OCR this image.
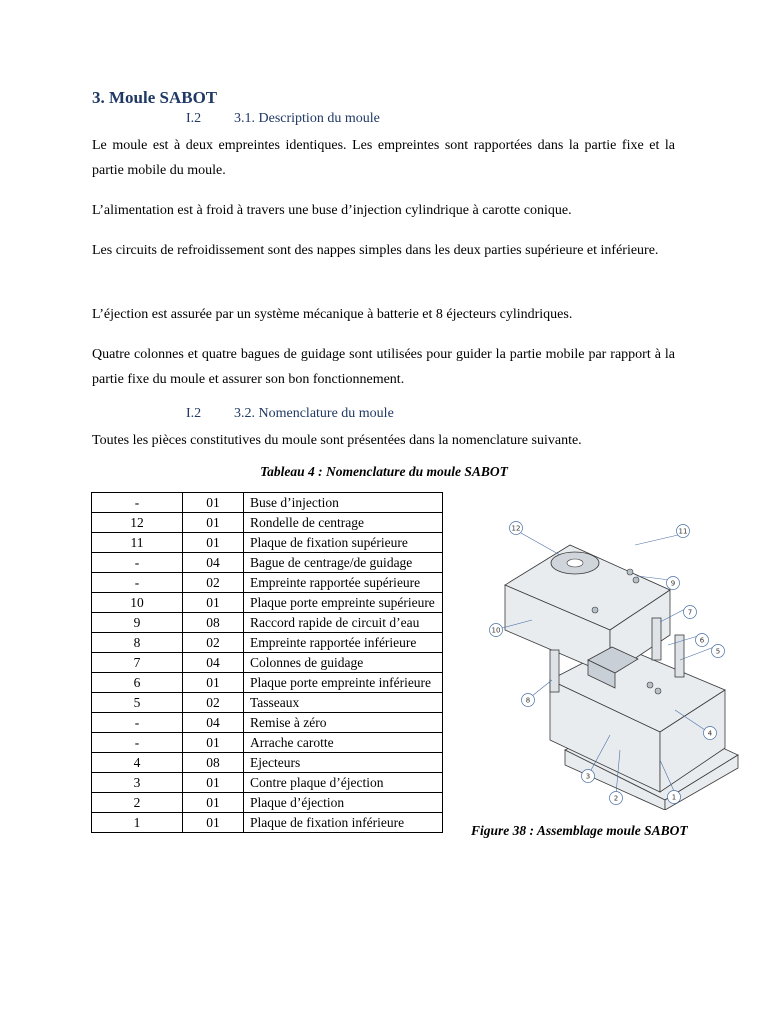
3. Moule SABOT
I.2 3.1. Description du moule
Le moule est à deux empreintes identiques. Les empreintes sont rapportées dans la partie fixe et la partie mobile du moule.
L’alimentation est à froid à travers une buse d’injection cylindrique à carotte conique.
Les circuits de refroidissement sont des nappes simples dans les deux parties supérieure et inférieure.
L’éjection est assurée par un système mécanique à batterie et 8 éjecteurs cylindriques.
Quatre colonnes et quatre bagues de guidage sont utilisées pour guider la partie mobile par rapport à la partie fixe du moule et assurer son bon fonctionnement.
I.2 3.2. Nomenclature du moule
Toutes les pièces constitutives du moule sont présentées dans la nomenclature suivante.
Tableau 4 : Nomenclature du moule SABOT
-	01	Buse d’injection
12	01	Rondelle de centrage
11	01	Plaque de fixation supérieure
-	04	Bague de centrage/de guidage
-	02	Empreinte rapportée supérieure
10	01	Plaque porte empreinte supérieure
9	08	Raccord rapide de circuit d’eau
8	02	Empreinte rapportée inférieure
7	04	Colonnes de guidage
6	01	Plaque porte empreinte inférieure
5	02	Tasseaux
-	04	Remise à zéro
-	01	Arrache carotte
4	08	Ejecteurs
3	01	Contre plaque d’éjection
2	01	Plaque d’éjection
1	01	Plaque de fixation inférieure
1
2
3
4
5
6
7
8
9
10
11
12
Figure 38 : Assemblage moule SABOT
